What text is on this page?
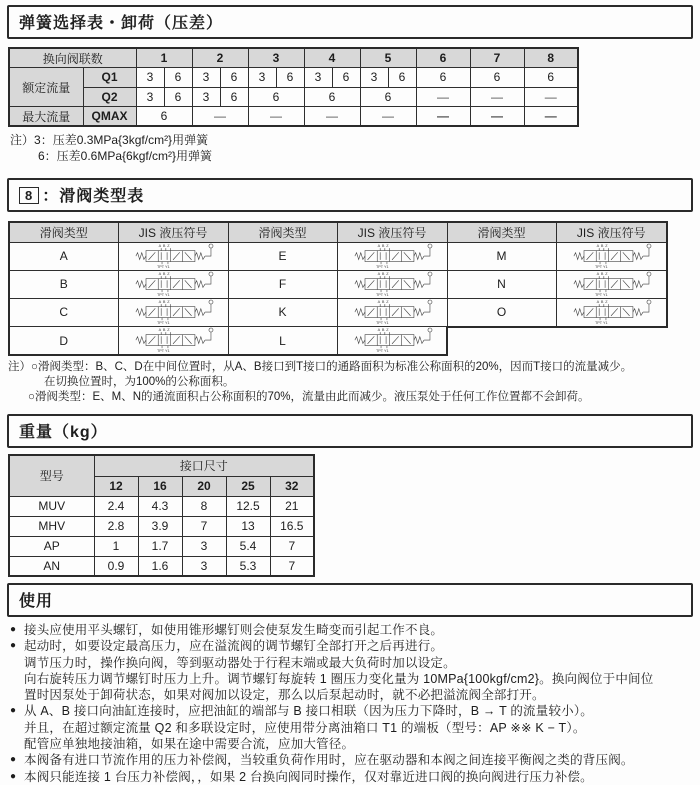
弹簧选择表・卸荷（压差）
换向阀联数		1		2		3		4		5		6	7	8
额定流量	Q1	3	6	3	6	3	6	3	6	3	6	6	6	6
	Q2	3	6	3	6	6		6		6		—	—	—
最大流量	QMAX	6		—		—		—		—		—	—	—
注）3：压差0.3MPa{3kgf/cm²}用弹簧
6：压差0.6MPa{6kgf/cm²}用弹簧
8 ：滑阀类型表
滑阀类型	JIS 液压符号	滑阀类型	JIS 液压符号	滑阀类型	JIS 液压符号
A		E		M	

B		F		N	

C		K		O	

D		L	

注）○滑阀类型：B、C、D在中间位置时，从A、B接口到T接口的通路面积为标准公称面积的20%，因而T接口的流量减少。
在切换位置时，为100%的公称面积。
○滑阀类型：E、M、N的通流面积占公称面积的70%，流量由此而减少。液压泵处于任何工作位置都不会卸荷。
重量（kg）
型号	接口尺寸				
	12	16	20	25	32
MUV	2.4	4.3	8	12.5	21
MHV	2.8	3.9	7	13	16.5
AP	1	1.7	3	5.4	7
AN	0.9	1.6	3	5.3	7
使用
● 接头应使用平头螺钉，如使用锥形螺钉则会使泵发生畸变而引起工作不良。
● 起动时，如要设定最高压力，应在溢流阀的调节螺钉全部打开之后再进行。
调节压力时，操作换向阀，等到驱动器处于行程末端或最大负荷时加以设定。
向右旋转压力调节螺钉时压力上升。调节螺钉每旋转 1 圈压力变化量为 10MPa{100kgf/cm2}。换向阀位于中间位
置时因泵处于卸荷状态，如果对阀加以设定，那么以后泵起动时，就不必把溢流阀全部打开。
● 从 A、B 接口向油缸连接时，应把油缸的端部与 B 接口相联（因为压力下降时，B → T 的流量较小）。
并且，在超过额定流量 Q2 和多联设定时，应使用带分离油箱口 T1 的端板（型号：AP ※※ K − T）。
配管应单独地接油箱，如果在途中需要合流，应加大管径。
● 本阀备有进口节流作用的压力补偿阀，当较重负荷作用时，应在驱动器和本阀之间连接平衡阀之类的背压阀。
● 本阀只能连接 1 台压力补偿阀，，如果 2 台换向阀同时操作，仅对靠近进口阀的换向阀进行压力补偿。
